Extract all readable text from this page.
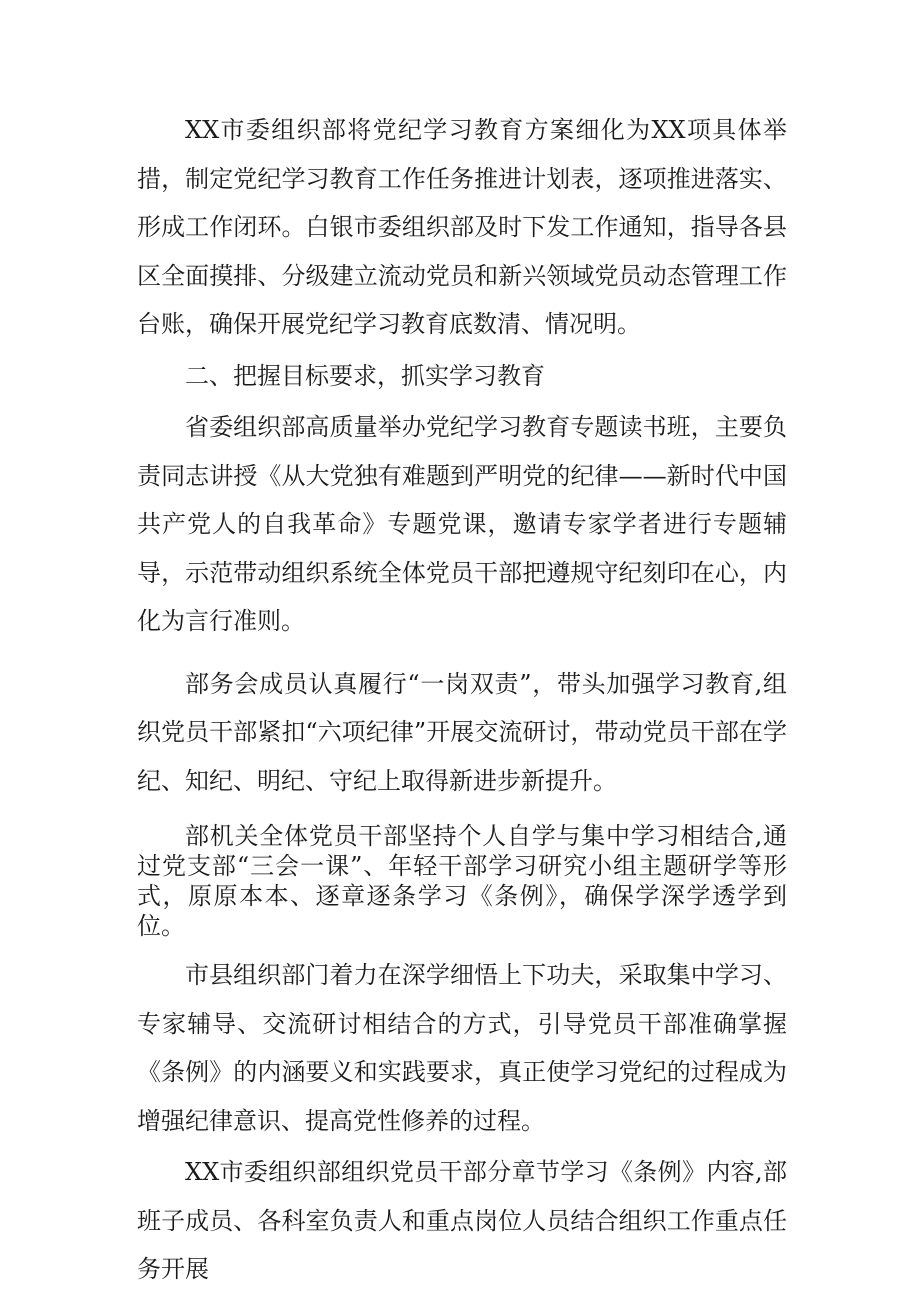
XX市委组织部将党纪学习教育方案细化为XX项具体举措，制定党纪学习教育工作任务推进计划表，逐项推进落实、形成工作闭环。白银市委组织部及时下发工作通知，指导各县区全面摸排、分级建立流动党员和新兴领域党员动态管理工作台账，确保开展党纪学习教育底数清、情况明。

二、把握目标要求，抓实学习教育

省委组织部高质量举办党纪学习教育专题读书班，主要负责同志讲授《从大党独有难题到严明党的纪律——新时代中国共产党人的自我革命》专题党课，邀请专家学者进行专题辅导，示范带动组织系统全体党员干部把遵规守纪刻印在心，内化为言行准则。

部务会成员认真履行“一岗双责”，带头加强学习教育,组织党员干部紧扣“六项纪律”开展交流研讨，带动党员干部在学纪、知纪、明纪、守纪上取得新进步新提升。

部机关全体党员干部坚持个人自学与集中学习相结合,通过党支部“三会一课”、年轻干部学习研究小组主题研学等形式，原原本本、逐章逐条学习《条例》，确保学深学透学到位。

市县组织部门着力在深学细悟上下功夫，采取集中学习、专家辅导、交流研讨相结合的方式，引导党员干部准确掌握《条例》的内涵要义和实践要求，真正使学习党纪的过程成为增强纪律意识、提高党性修养的过程。

XX市委组织部组织党员干部分章节学习《条例》内容,部班子成员、各科室负责人和重点岗位人员结合组织工作重点任务开展
